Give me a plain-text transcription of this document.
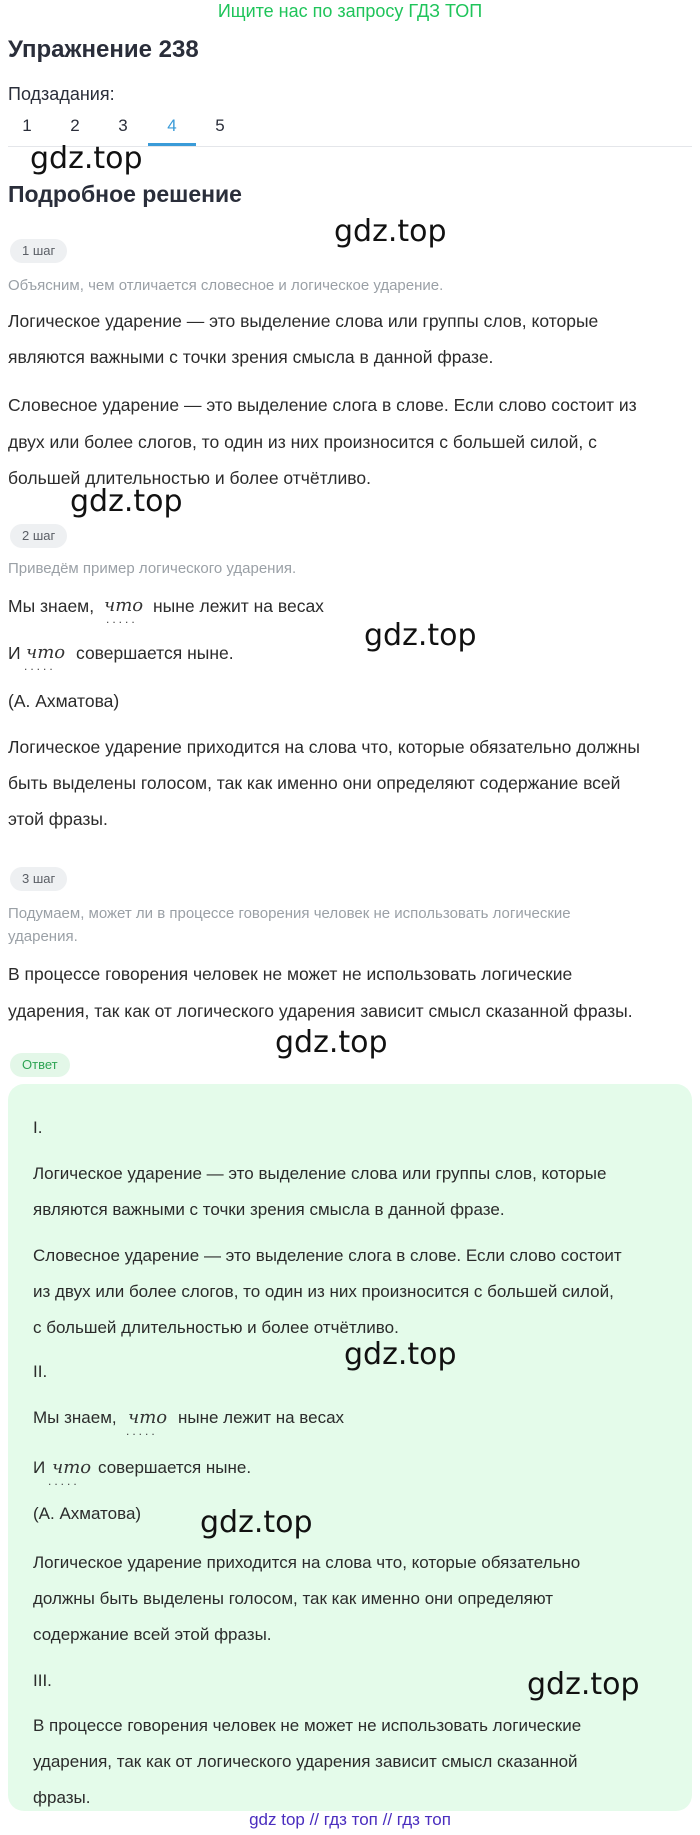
Ищите нас по запросу ГДЗ ТОП
Упражнение 238
Подзадания:
1	2	3	4	5
gdz.top
Подробное решение
gdz.top
1 шаг
Объясним, чем отличается словесное и логическое ударение.
Логическое ударение — это выделение слова или группы слов, которые
являются важными с точки зрения смысла в данной фразе.
Словесное ударение — это выделение слога в слове. Если слово состоит из
двух или более слогов, то один из них произносится с большей силой, с
большей длительностью и более отчётливо.
gdz.top
2 шаг
Приведём пример логического ударения.
Мы знаем, что
.....
ныне лежит на весах
И что
.....
совершается ныне.	gdz.top
(А. Ахматова)
Логическое ударение приходится на слова что, которые обязательно должны
быть выделены голосом, так как именно они определяют содержание всей
этой фразы.
3 шаг
Подумаем, может ли в процессе говорения человек не использовать логические
ударения.
В процессе говорения человек не может не использовать логические
ударения, так как от логического ударения зависит смысл сказанной фразы.
gdz.top
Ответ
I.
Логическое ударение — это выделение слова или группы слов, которые
являются важными с точки зрения смысла в данной фразе.
Словесное ударение — это выделение слога в слове. Если слово состоит
из двух или более слогов, то один из них произносится с большей силой,
с большей длительностью и более отчётливо.
gdz.top
II.
Мы знаем, что
.....
ныне лежит на весах
И что
.....
совершается ныне.
(А. Ахматова) gdz.top
Логическое ударение приходится на слова что, которые обязательно
должны быть выделены голосом, так как именно они определяют
содержание всей этой фразы.
III.	gdz.top
В процессе говорения человек не может не использовать логические
ударения, так как от логического ударения зависит смысл сказанной
фразы.
gdz top // гдз топ // гдз топ
